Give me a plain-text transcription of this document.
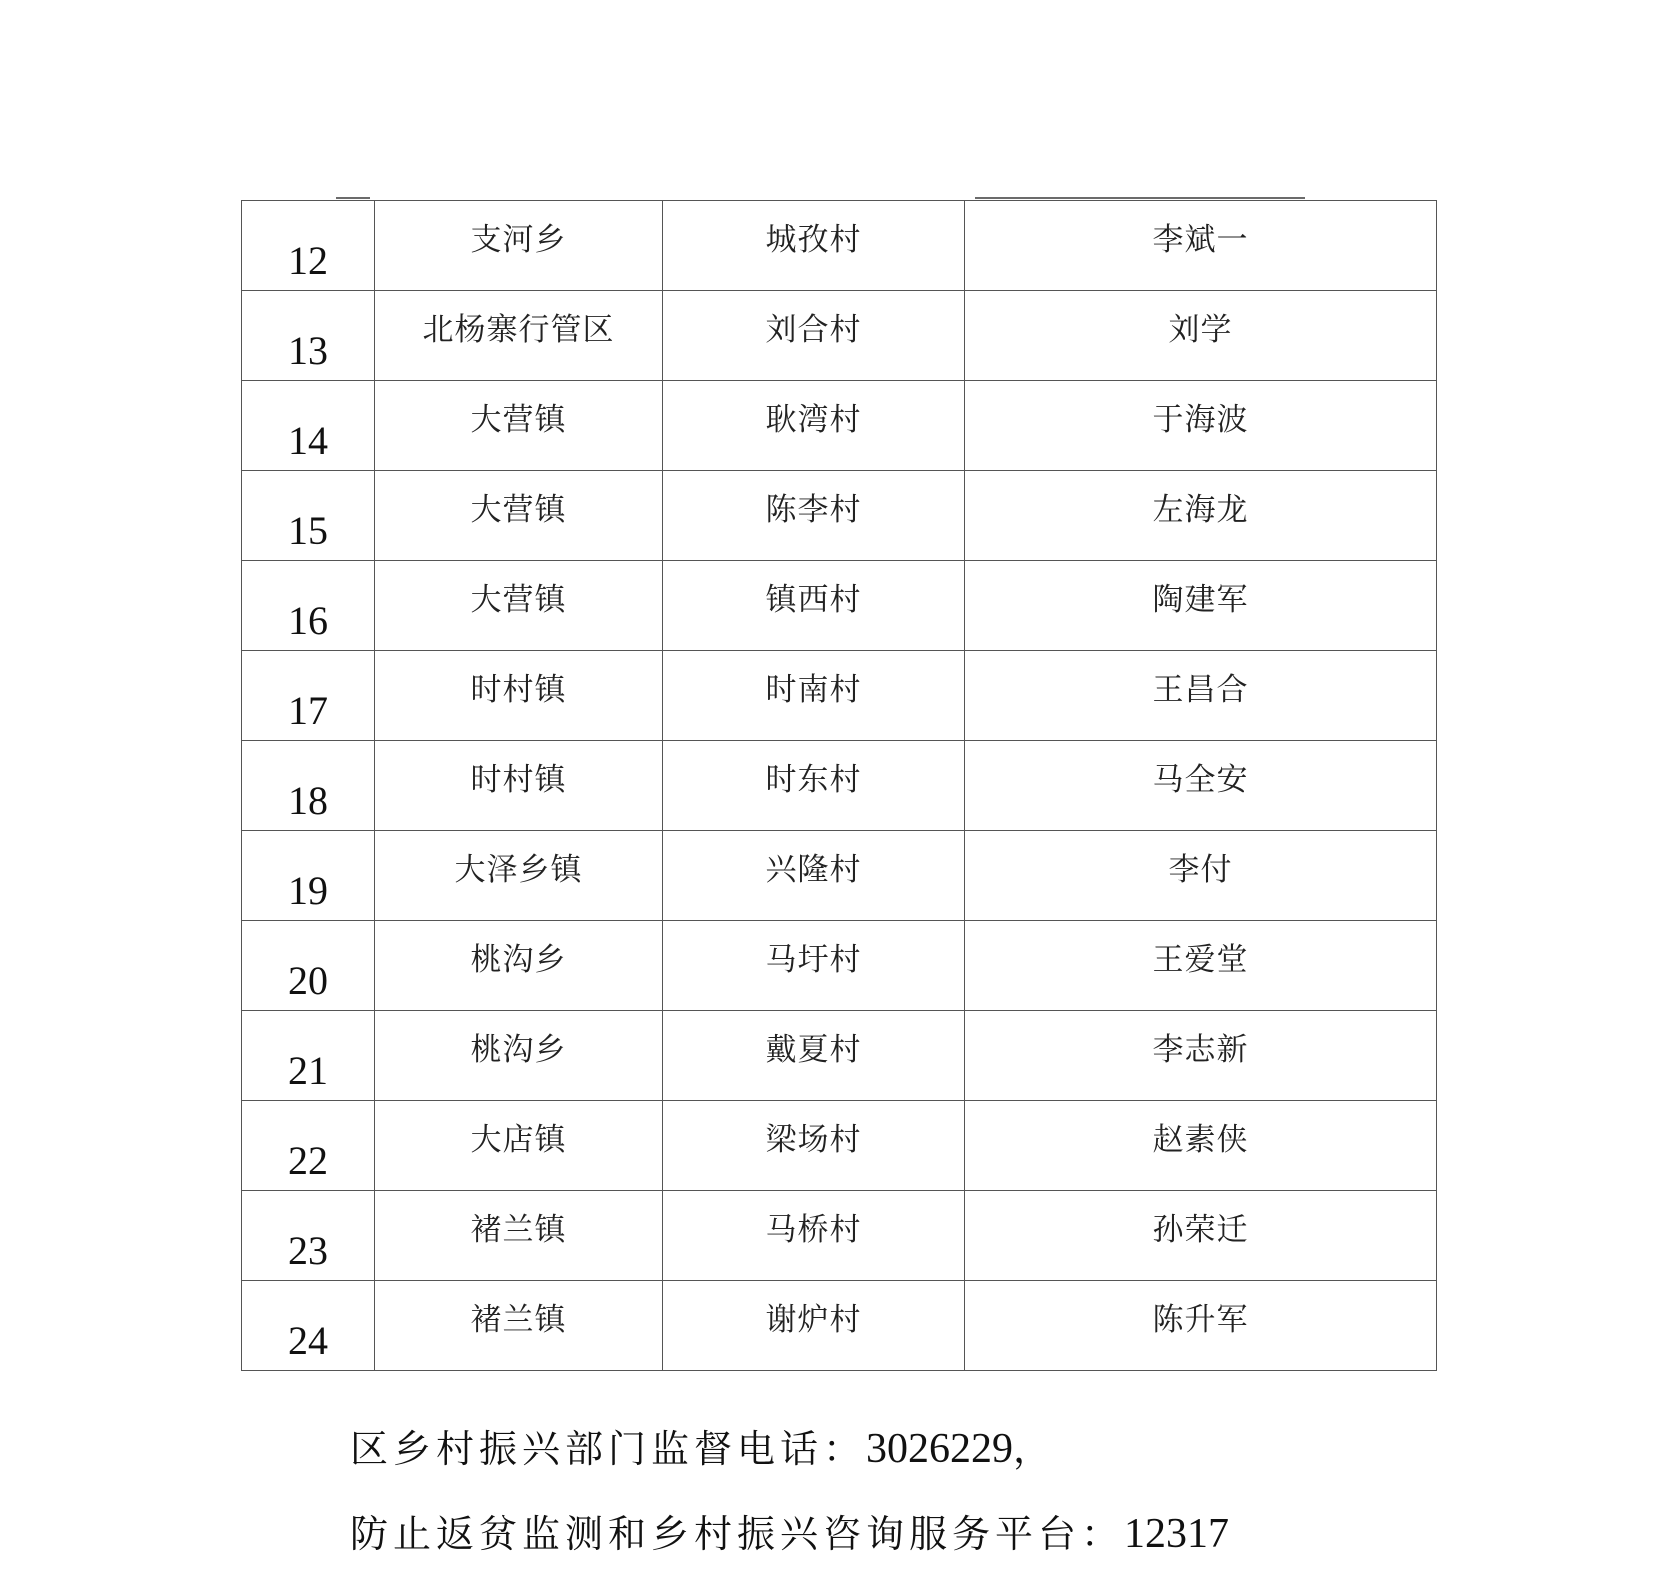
12	支河乡	城孜村	李斌一
13	北杨寨行管区	刘合村	刘学
14	大营镇	耿湾村	于海波
15	大营镇	陈李村	左海龙
16	大营镇	镇西村	陶建军
17	时村镇	时南村	王昌合
18	时村镇	时东村	马全安
19	大泽乡镇	兴隆村	李付
20	桃沟乡	马圩村	王爱堂
21	桃沟乡	戴夏村	李志新
22	大店镇	梁场村	赵素侠
23	褚兰镇	马桥村	孙荣迁
24	褚兰镇	谢炉村	陈升军
区乡村振兴部门监督电话：3026229，
防止返贫监测和乡村振兴咨询服务平台：12317
